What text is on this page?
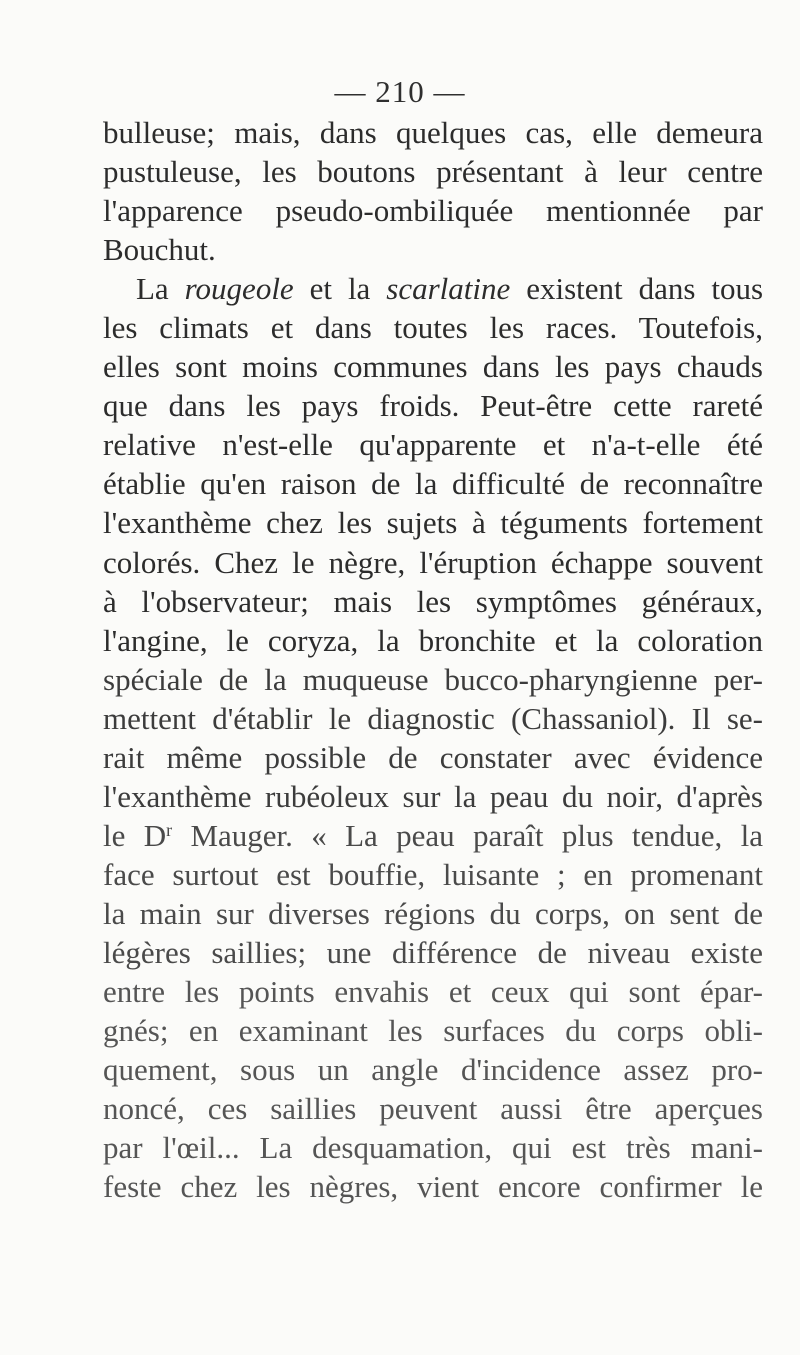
— 210 —
bulleuse; mais, dans quelques cas, elle demeura
pustuleuse, les boutons présentant à leur centre
l'apparence pseudo-ombiliquée mentionnée par
Bouchut.
La rougeole et la scarlatine existent dans tous
les climats et dans toutes les races. Toutefois,
elles sont moins communes dans les pays chauds
que dans les pays froids. Peut-être cette rareté
relative n'est-elle qu'apparente et n'a-t-elle été
établie qu'en raison de la difficulté de reconnaître
l'exanthème chez les sujets à téguments fortement
colorés. Chez le nègre, l'éruption échappe souvent
à l'observateur; mais les symptômes généraux,
l'angine, le coryza, la bronchite et la coloration
spéciale de la muqueuse bucco-pharyngienne per-
mettent d'établir le diagnostic (Chassaniol). Il se-
rait même possible de constater avec évidence
l'exanthème rubéoleux sur la peau du noir, d'après
le $D^r$ Mauger. « La peau paraît plus tendue, la
face surtout est bouffie, luisante ; en promenant
la main sur diverses régions du corps, on sent de
légères saillies; une différence de niveau existe
entre les points envahis et ceux qui sont épar-
gnés; en examinant les surfaces du corps obli-
quement, sous un angle d'incidence assez pro-
noncé, ces saillies peuvent aussi être aperçues
par l'œil... La desquamation, qui est très mani-
feste chez les nègres, vient encore confirmer le
